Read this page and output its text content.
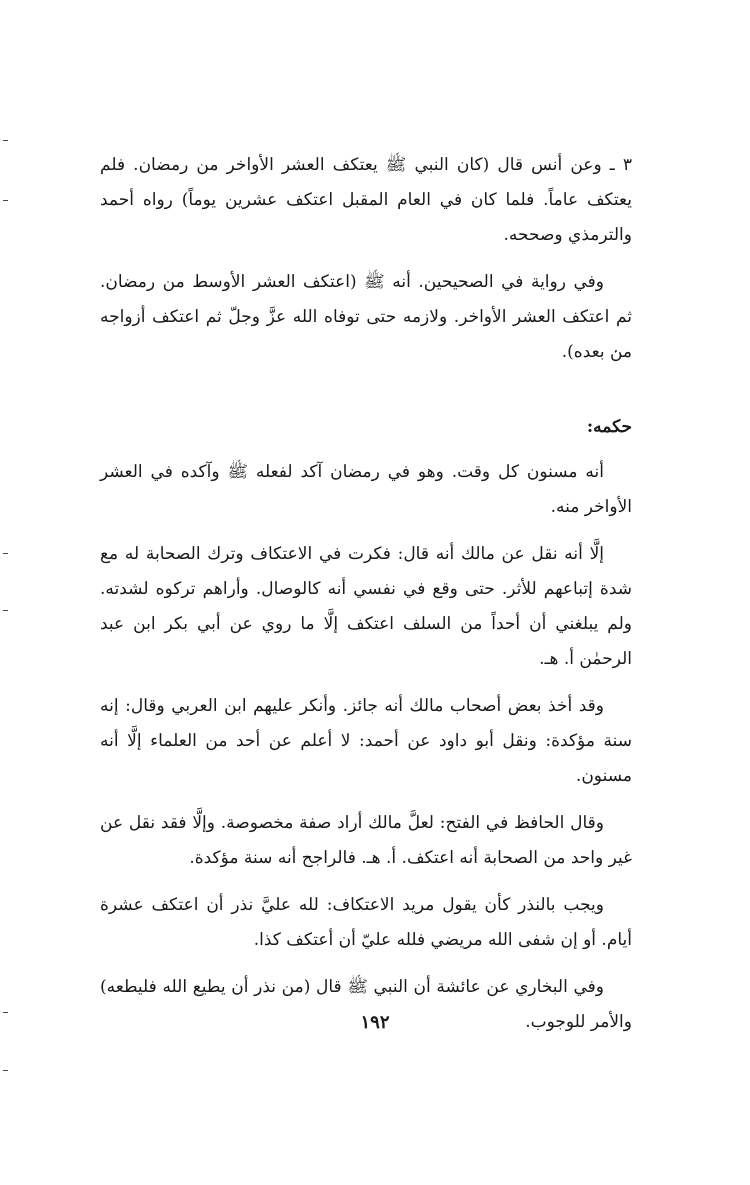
٣ ـ وعن أنس قال (كان النبي ﷺ يعتكف العشر الأواخر من رمضان. فلم يعتكف عاماً. فلما كان في العام المقبل اعتكف عشرين يوماً) رواه أحمد والترمذي وصححه.

وفي رواية في الصحيحين. أنه ﷺ (اعتكف العشر الأوسط من رمضان. ثم اعتكف العشر الأواخر. ولازمه حتى توفاه الله عزَّ وجلّ ثم اعتكف أزواجه من بعده).

حكمه:

أنه مسنون كل وقت. وهو في رمضان آكد لفعله ﷺ وآكده في العشر الأواخر منه.

إلَّا أنه نقل عن مالك أنه قال: فكرت في الاعتكاف وترك الصحابة له مع شدة إتباعهم للأثر. حتى وقع في نفسي أنه كالوصال. وأراهم تركوه لشدته. ولم يبلغني أن أحداً من السلف اعتكف إلَّا ما روي عن أبي بكر ابن عبد الرحمٰن أ. هـ.

وقد أخذ بعض أصحاب مالك أنه جائز. وأنكر عليهم ابن العربي وقال: إنه سنة مؤكدة: ونقل أبو داود عن أحمد: لا أعلم عن أحد من العلماء إلَّا أنه مسنون.

وقال الحافظ في الفتح: لعلَّ مالك أراد صفة مخصوصة. وإلَّا فقد نقل عن غير واحد من الصحابة أنه اعتكف. أ. هـ. فالراجح أنه سنة مؤكدة.

ويجب بالنذر كأن يقول مريد الاعتكاف: لله عليَّ نذر أن اعتكف عشرة أيام. أو إن شفى الله مريضي فلله عليّ أن أعتكف كذا.

وفي البخاري عن عائشة أن النبي ﷺ قال (من نذر أن يطيع الله فليطعه) والأمر للوجوب.

١٩٢
